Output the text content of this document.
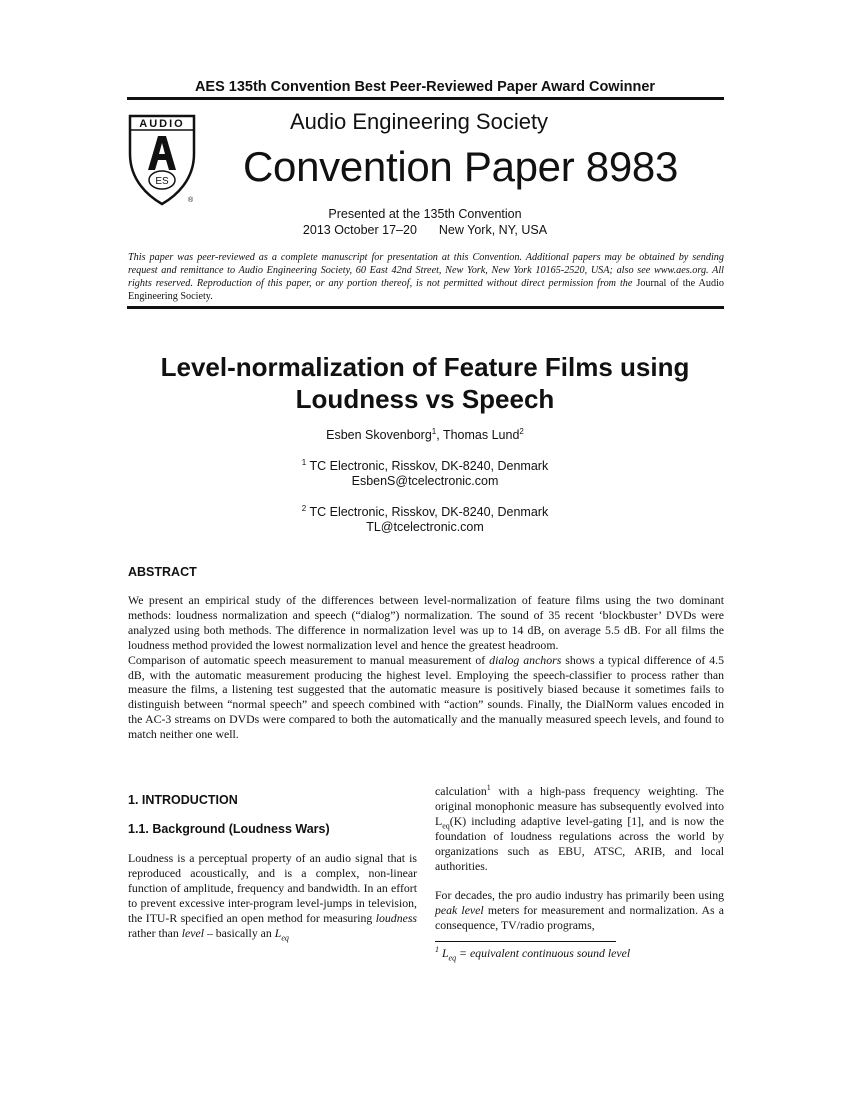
AES 135th Convention Best Peer-Reviewed Paper Award Cowinner
AUDIO
ES
®
Audio Engineering Society
Convention Paper 8983
Presented at the 135th Convention
2013 October 17–20 New York, NY, USA
This paper was peer-reviewed as a complete manuscript for presentation at this Convention. Additional papers may be obtained by sending request and remittance to Audio Engineering Society, 60 East 42nd Street, New York, New York 10165-2520, USA; also see www.aes.org. All rights reserved. Reproduction of this paper, or any portion thereof, is not permitted without direct permission from the Journal of the Audio Engineering Society.
Level-normalization of Feature Films using
Loudness vs Speech
Esben Skovenborg$^1$, Thomas Lund$^2$
$^1$ TC Electronic, Risskov, DK-8240, Denmark
EsbenS@tcelectronic.com
$^2$ TC Electronic, Risskov, DK-8240, Denmark
TL@tcelectronic.com
ABSTRACT

We present an empirical study of the differences between level-normalization of feature films using the two dominant methods: loudness normalization and speech (“dialog”) normalization. The sound of 35 recent ‘blockbuster’ DVDs were analyzed using both methods. The difference in normalization level was up to 14 dB, on average 5.5 dB. For all films the loudness method provided the lowest normalization level and hence the greatest headroom.

Comparison of automatic speech measurement to manual measurement of dialog anchors shows a typical difference of 4.5 dB, with the automatic measurement producing the highest level. Employing the speech-classifier to process rather than measure the films, a listening test suggested that the automatic measure is positively biased because it sometimes fails to distinguish between “normal speech” and speech combined with “action” sounds. Finally, the DialNorm values encoded in the AC-3 streams on DVDs were compared to both the automatically and the manually measured speech levels, and found to match neither one well.

1. INTRODUCTION

1.1. Background (Loudness Wars)

Loudness is a perceptual property of an audio signal that is reproduced acoustically, and is a complex, non-linear function of amplitude, frequency and bandwidth. In an effort to prevent excessive inter-program level-jumps in television, the ITU-R specified an open method for measuring loudness rather than level – basically an $L_{eq}$

calculation$^1$ with a high-pass frequency weighting. The original monophonic measure has subsequently evolved into $L_{eq}(K)$ including adaptive level-gating [1], and is now the foundation of loudness regulations across the world by organizations such as EBU, ATSC, ARIB, and local authorities.

For decades, the pro audio industry has primarily been using peak level meters for measurement and normalization. As a consequence, TV/radio programs,

$^1$ $L_{eq}$ = equivalent continuous sound level
